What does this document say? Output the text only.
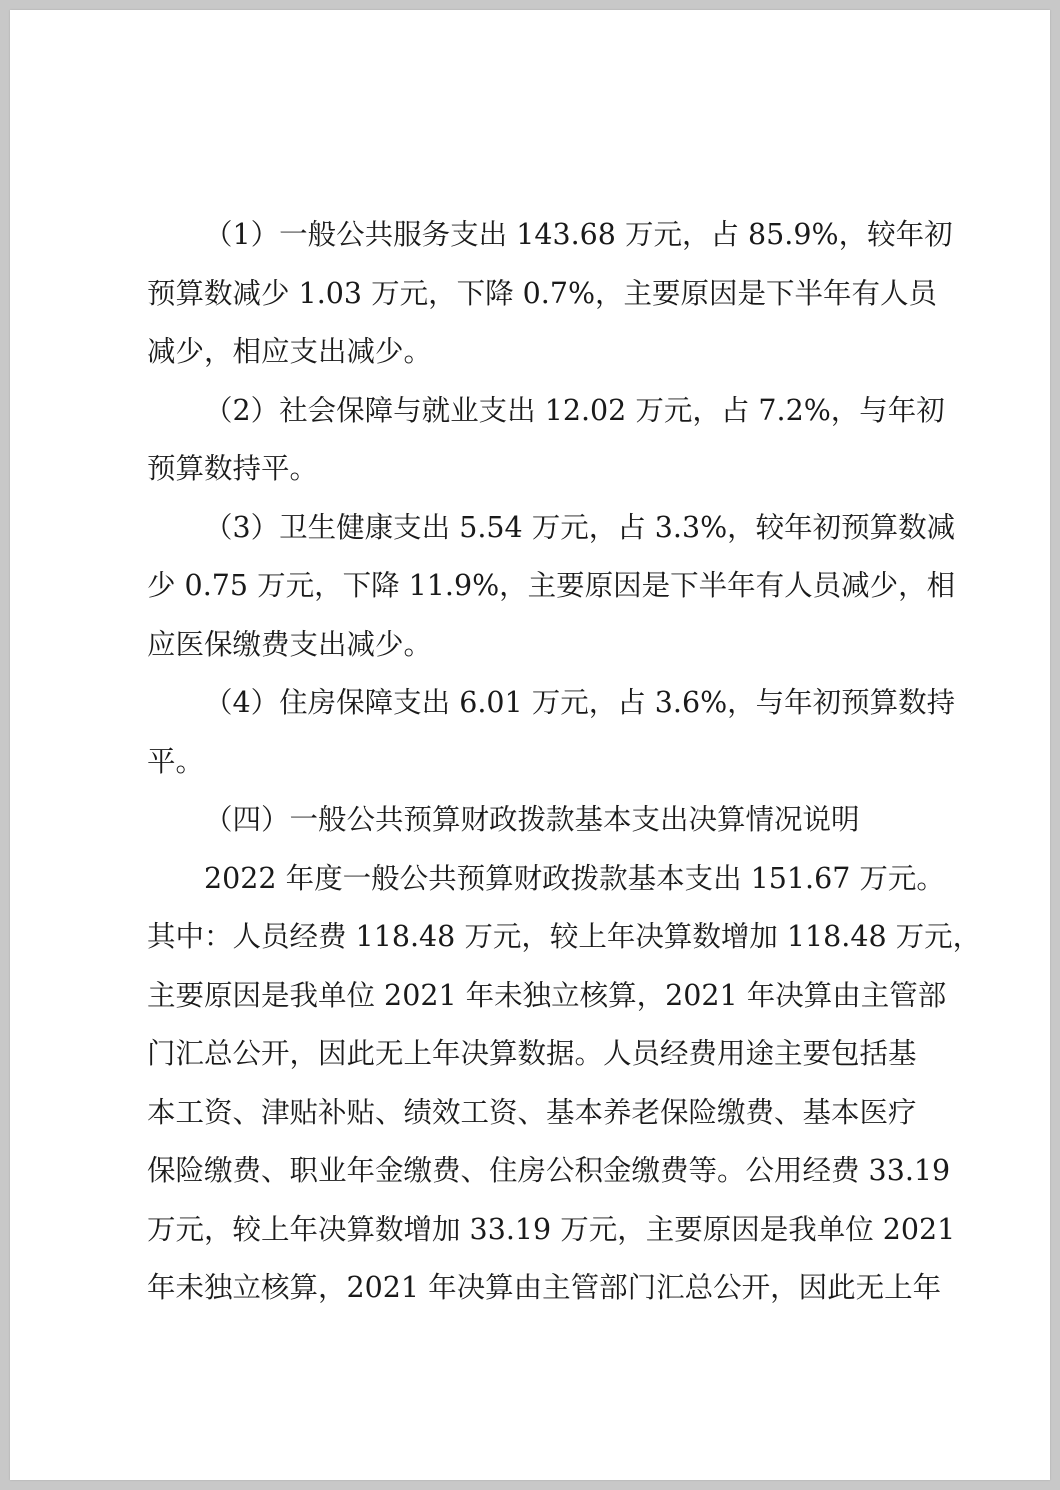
（1）一般公共服务支出 143.68 万元，占 85.9%，较年初
预算数减少 1.03 万元，下降 0.7%，主要原因是下半年有人员
减少，相应支出减少。
（2）社会保障与就业支出 12.02 万元，占 7.2%，与年初
预算数持平。
（3）卫生健康支出 5.54 万元，占 3.3%，较年初预算数减
少 0.75 万元，下降 11.9%，主要原因是下半年有人员减少，相
应医保缴费支出减少。
（4）住房保障支出 6.01 万元，占 3.6%，与年初预算数持
平。
（四）一般公共预算财政拨款基本支出决算情况说明
2022 年度一般公共预算财政拨款基本支出 151.67 万元。
其中：人员经费 118.48 万元，较上年决算数增加 118.48 万元，
主要原因是我单位 2021 年未独立核算，2021 年决算由主管部
门汇总公开，因此无上年决算数据。人员经费用途主要包括基
本工资、津贴补贴、绩效工资、基本养老保险缴费、基本医疗
保险缴费、职业年金缴费、住房公积金缴费等。公用经费 33.19
万元，较上年决算数增加 33.19 万元，主要原因是我单位 2021
年未独立核算，2021 年决算由主管部门汇总公开，因此无上年
